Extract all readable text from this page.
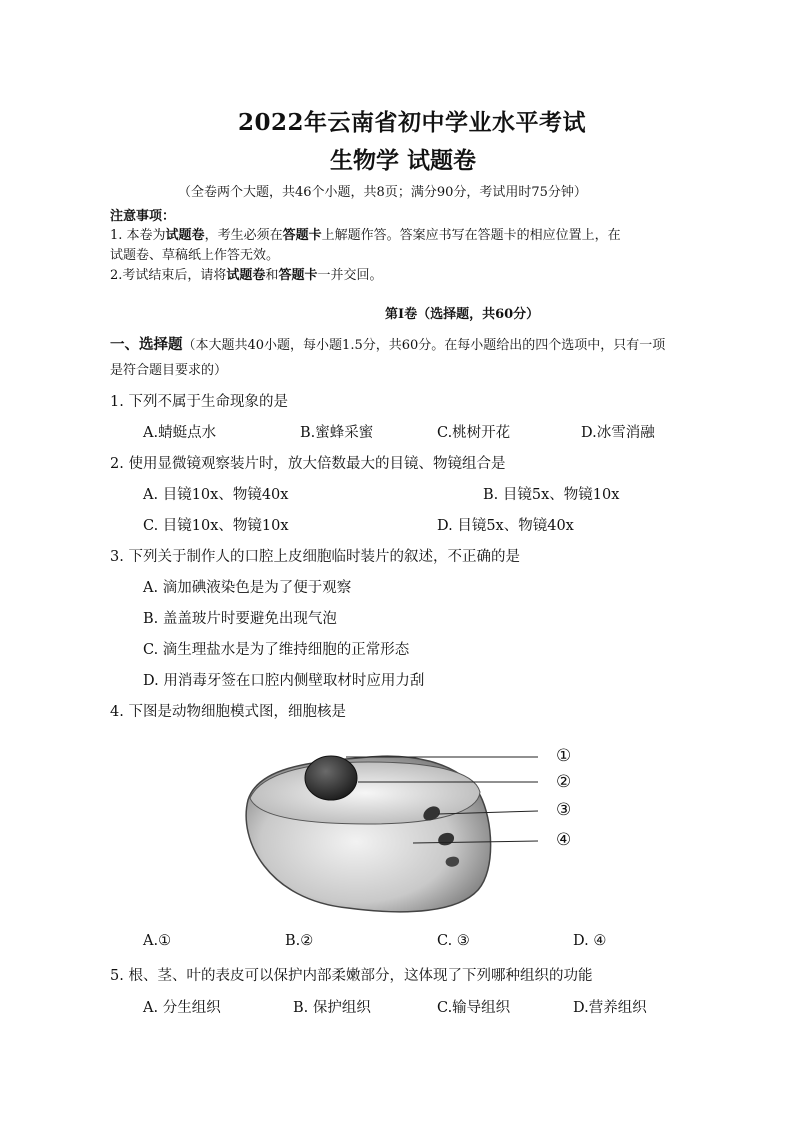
2022年云南省初中学业水平考试
生物学 试题卷
（全卷两个大题，共46个小题，共8页；满分90分，考试用时75分钟）
注意事项：
1. 本卷为试题卷，考生必须在答题卡上解题作答。答案应书写在答题卡的相应位置上，在
试题卷、草稿纸上作答无效。
2.考试结束后，请将试题卷和答题卡一并交回。
第Ⅰ卷（选择题，共60分）
一、选择题（本大题共40小题，每小题1.5分，共60分。在每小题给出的四个选项中，只有一项
是符合题目要求的）
1. 下列不属于生命现象的是
A.蜻蜓点水	B.蜜蜂采蜜	C.桃树开花	D.冰雪消融
2. 使用显微镜观察装片时，放大倍数最大的目镜、物镜组合是
A. 目镜10x、物镜40x	B. 目镜5x、物镜10x
C. 目镜10x、物镜10x	D. 目镜5x、物镜40x
3. 下列关于制作人的口腔上皮细胞临时装片的叙述，不正确的是
A. 滴加碘液染色是为了便于观察
B. 盖盖玻片时要避免出现气泡
C. 滴生理盐水是为了维持细胞的正常形态
D. 用消毒牙签在口腔内侧壁取材时应用力刮
4. 下图是动物细胞模式图，细胞核是
①
②
③
④
A.①	B.②	C. ③	D. ④
5. 根、茎、叶的表皮可以保护内部柔嫩部分，这体现了下列哪种组织的功能
A. 分生组织	B. 保护组织	C.输导组织	D.营养组织
